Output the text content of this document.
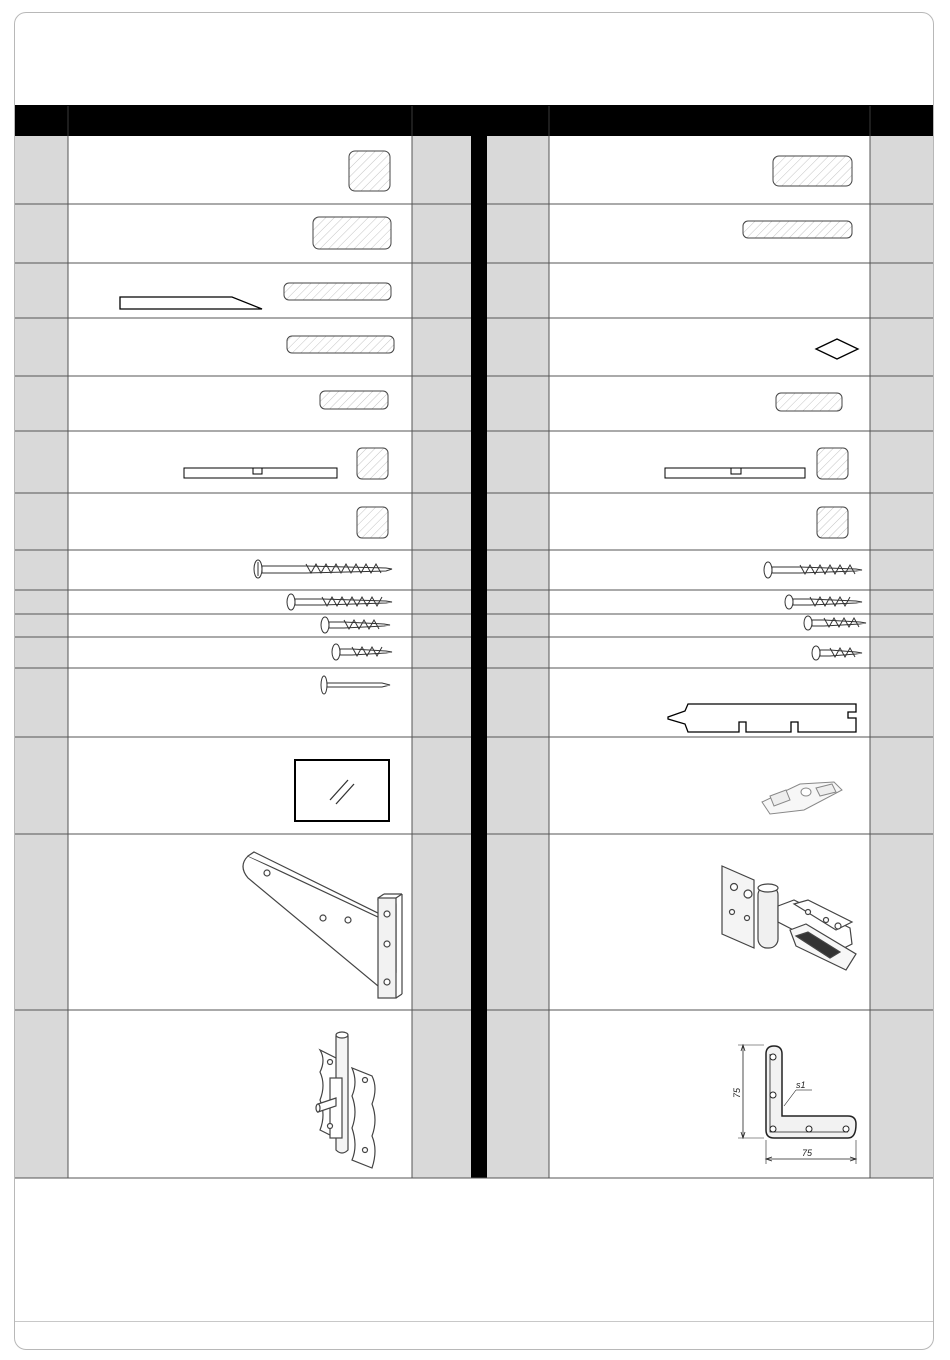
s1
75
75
